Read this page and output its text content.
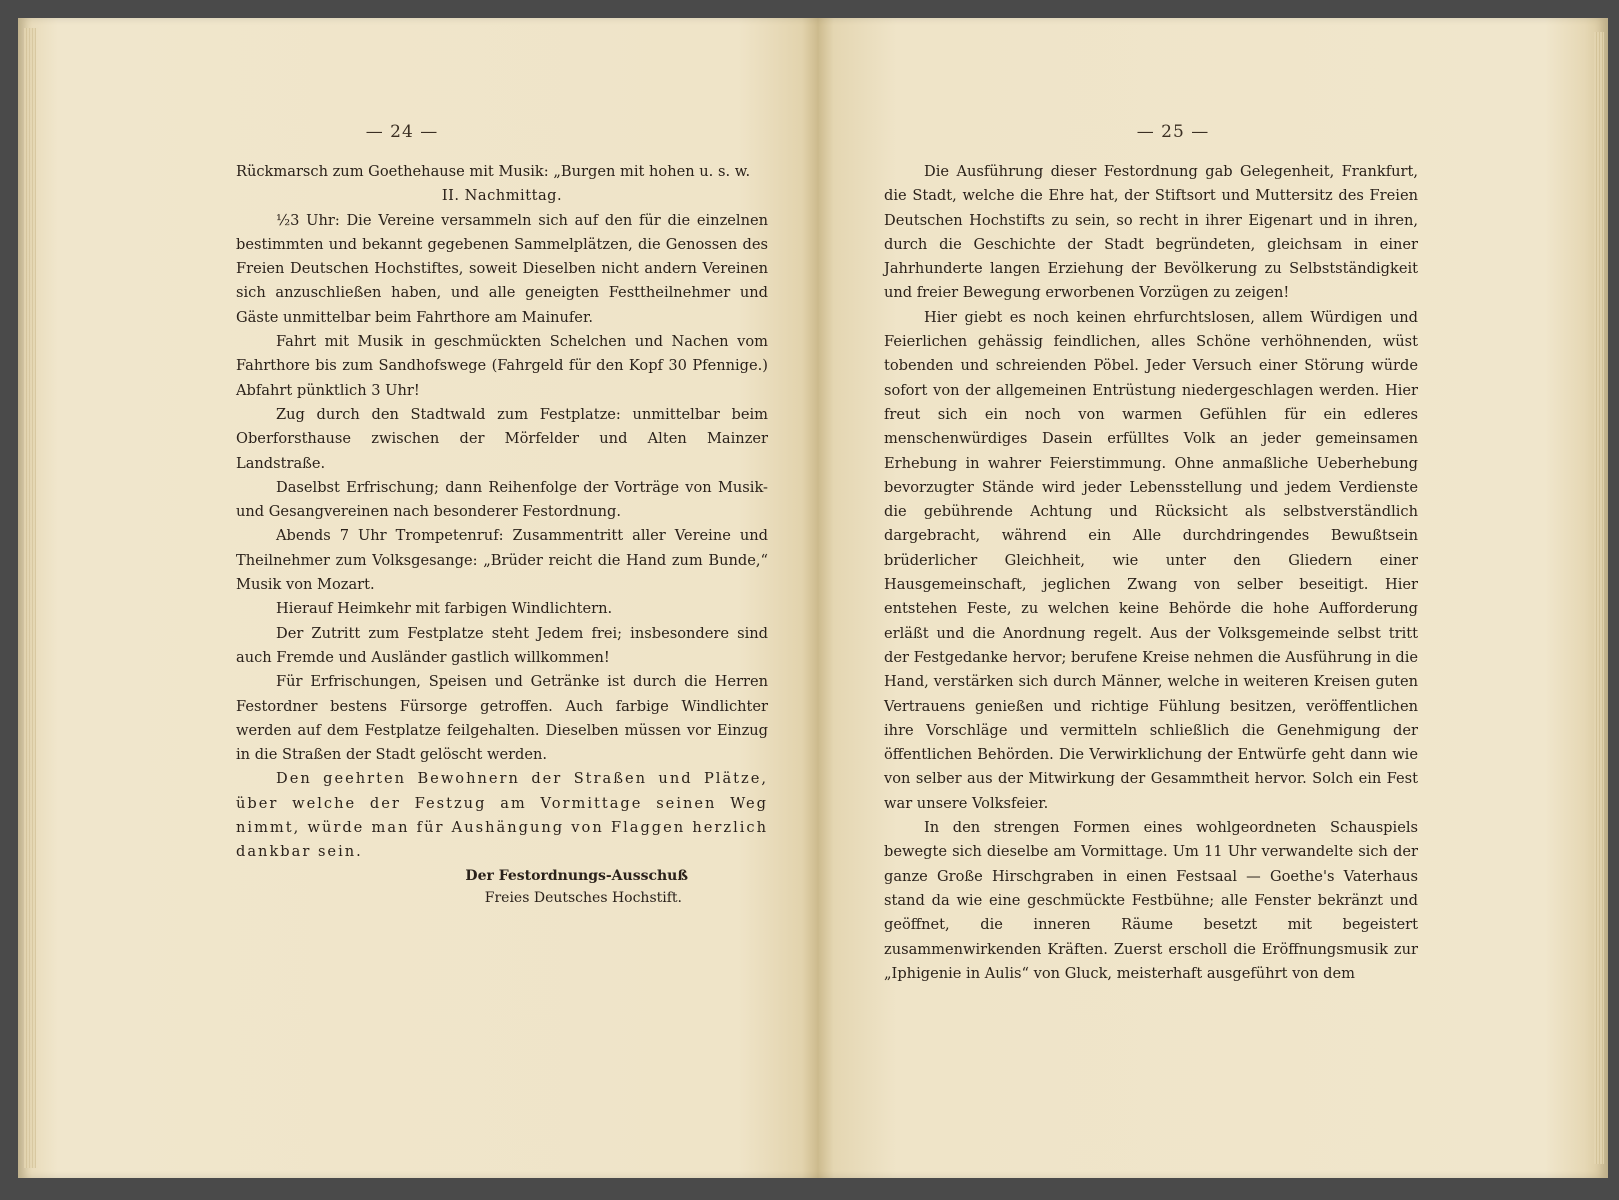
— 24 —

Rückmarsch zum Goethehause mit Musik: „Burgen mit hohen u. s. w.

II. Nachmittag.

½3 Uhr: Die Vereine versammeln sich auf den für die einzelnen bestimmten und bekannt gegebenen Sammelplätzen, die Genossen des Freien Deutschen Hochstiftes, soweit Dieselben nicht andern Vereinen sich anzuschließen haben, und alle geneigten Festtheilnehmer und Gäste unmittelbar beim Fahrthore am Mainufer.

Fahrt mit Musik in geschmückten Schelchen und Nachen vom Fahrthore bis zum Sandhofswege (Fahrgeld für den Kopf 30 Pfennige.) Abfahrt pünktlich 3 Uhr!

Zug durch den Stadtwald zum Festplatze: unmittelbar beim Oberforsthause zwischen der Mörfelder und Alten Mainzer Landstraße.

Daselbst Erfrischung; dann Reihenfolge der Vorträge von Musik- und Gesangvereinen nach besonderer Festordnung.

Abends 7 Uhr Trompetenruf: Zusammentritt aller Vereine und Theilnehmer zum Volksgesange: „Brüder reicht die Hand zum Bunde,“ Musik von Mozart.

Hierauf Heimkehr mit farbigen Windlichtern.

Der Zutritt zum Festplatze steht Jedem frei; insbesondere sind auch Fremde und Ausländer gastlich willkommen!

Für Erfrischungen, Speisen und Getränke ist durch die Herren Festordner bestens Fürsorge getroffen. Auch farbige Windlichter werden auf dem Festplatze feilgehalten. Dieselben müssen vor Einzug in die Straßen der Stadt gelöscht werden.

Den geehrten Bewohnern der Straßen und Plätze, über welche der Festzug am Vormittage seinen Weg nimmt, würde man für Aushängung von Flaggen herzlich dankbar sein.

Der Festordnungs-Ausschuß
Freies Deutsches Hochstift.

— 25 —

Die Ausführung dieser Festordnung gab Gelegenheit, Frankfurt, die Stadt, welche die Ehre hat, der Stiftsort und Muttersitz des Freien Deutschen Hochstifts zu sein, so recht in ihrer Eigenart und in ihren, durch die Geschichte der Stadt begründeten, gleichsam in einer Jahrhunderte langen Erziehung der Bevölkerung zu Selbstständigkeit und freier Bewegung erworbenen Vorzügen zu zeigen!

Hier giebt es noch keinen ehrfurchtslosen, allem Würdigen und Feierlichen gehässig feindlichen, alles Schöne verhöhnenden, wüst tobenden und schreienden Pöbel. Jeder Versuch einer Störung würde sofort von der allgemeinen Entrüstung niedergeschlagen werden. Hier freut sich ein noch von warmen Gefühlen für ein edleres menschenwürdiges Dasein erfülltes Volk an jeder gemeinsamen Erhebung in wahrer Feierstimmung. Ohne anmaßliche Ueberhebung bevorzugter Stände wird jeder Lebensstellung und jedem Verdienste die gebührende Achtung und Rücksicht als selbstverständlich dargebracht, während ein Alle durchdringendes Bewußtsein brüderlicher Gleichheit, wie unter den Gliedern einer Hausgemeinschaft, jeglichen Zwang von selber beseitigt. Hier entstehen Feste, zu welchen keine Behörde die hohe Aufforderung erläßt und die Anordnung regelt. Aus der Volksgemeinde selbst tritt der Festgedanke hervor; berufene Kreise nehmen die Ausführung in die Hand, verstärken sich durch Männer, welche in weiteren Kreisen guten Vertrauens genießen und richtige Fühlung besitzen, veröffentlichen ihre Vorschläge und vermitteln schließlich die Genehmigung der öffentlichen Behörden. Die Verwirklichung der Entwürfe geht dann wie von selber aus der Mitwirkung der Gesammtheit hervor. Solch ein Fest war unsere Volksfeier.

In den strengen Formen eines wohlgeordneten Schauspiels bewegte sich dieselbe am Vormittage. Um 11 Uhr verwandelte sich der ganze Große Hirschgraben in einen Festsaal — Goethe's Vaterhaus stand da wie eine geschmückte Festbühne; alle Fenster bekränzt und geöffnet, die inneren Räume besetzt mit begeistert zusammenwirkenden Kräften. Zuerst erscholl die Eröffnungsmusik zur „Iphigenie in Aulis“ von Gluck, meisterhaft ausgeführt von dem
